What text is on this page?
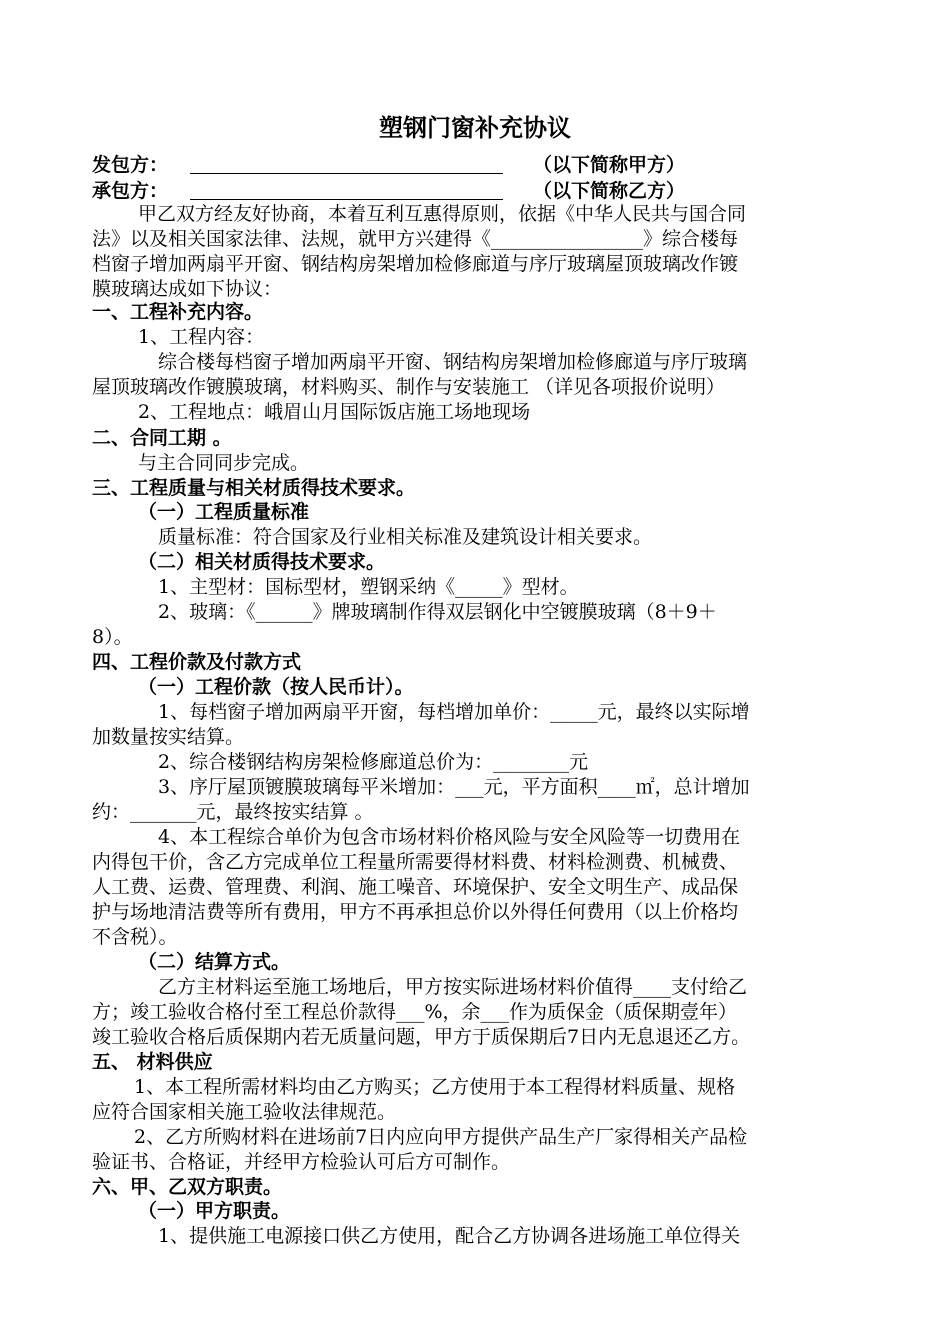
塑钢门窗补充协议
发包方：	（以下简称甲方）
承包方：	（以下简称乙方）
甲乙双方经友好协商，本着互利互惠得原则，依据《中华人民共与国合同
法》以及相关国家法律、法规，就甲方兴建得《________________》综合楼每
档窗子增加两扇平开窗、钢结构房架增加检修廊道与序厅玻璃屋顶玻璃改作镀
膜玻璃达成如下协议：
一、工程补充内容。
1、工程内容：
综合楼每档窗子增加两扇平开窗、钢结构房架增加检修廊道与序厅玻璃
屋顶玻璃改作镀膜玻璃，材料购买、制作与安装施工 （详见各项报价说明）
2、工程地点：峨眉山月国际饭店施工场地现场
二、合同工期 。
与主合同同步完成。
三、工程质量与相关材质得技术要求。
（一）工程质量标准
质量标准：符合国家及行业相关标准及建筑设计相关要求。
（二）相关材质得技术要求。
1、主型材：国标型材，塑钢采纳《_____》型材。
2、玻璃：《______》牌玻璃制作得双层钢化中空镀膜玻璃（8＋9＋
8）。
四、工程价款及付款方式
（一）工程价款（按人民币计）。
1、每档窗子增加两扇平开窗，每档增加单价：_____元，最终以实际增
加数量按实结算。
2、综合楼钢结构房架检修廊道总价为：________元
3、序厅屋顶镀膜玻璃每平米增加：___元，平方面积____㎡，总计增加
约：_______元，最终按实结算 。
4、本工程综合单价为包含市场材料价格风险与安全风险等一切费用在
内得包干价，含乙方完成单位工程量所需要得材料费、材料检测费、机械费、
人工费、运费、管理费、利润、施工噪音、环境保护、安全文明生产、成品保
护与场地清洁费等所有费用，甲方不再承担总价以外得任何费用（以上价格均
不含税）。
（二）结算方式。
乙方主材料运至施工场地后，甲方按实际进场材料价值得____支付给乙
方；竣工验收合格付至工程总价款得___%，余___作为质保金（质保期壹年）
竣工验收合格后质保期内若无质量问题，甲方于质保期后7日内无息退还乙方。
五、 材料供应
1、本工程所需材料均由乙方购买；乙方使用于本工程得材料质量、规格
应符合国家相关施工验收法律规范。
2、乙方所购材料在进场前7日内应向甲方提供产品生产厂家得相关产品检
验证书、合格证，并经甲方检验认可后方可制作。
六、甲、乙双方职责。
（一）甲方职责。
1、提供施工电源接口供乙方使用，配合乙方协调各进场施工单位得关
